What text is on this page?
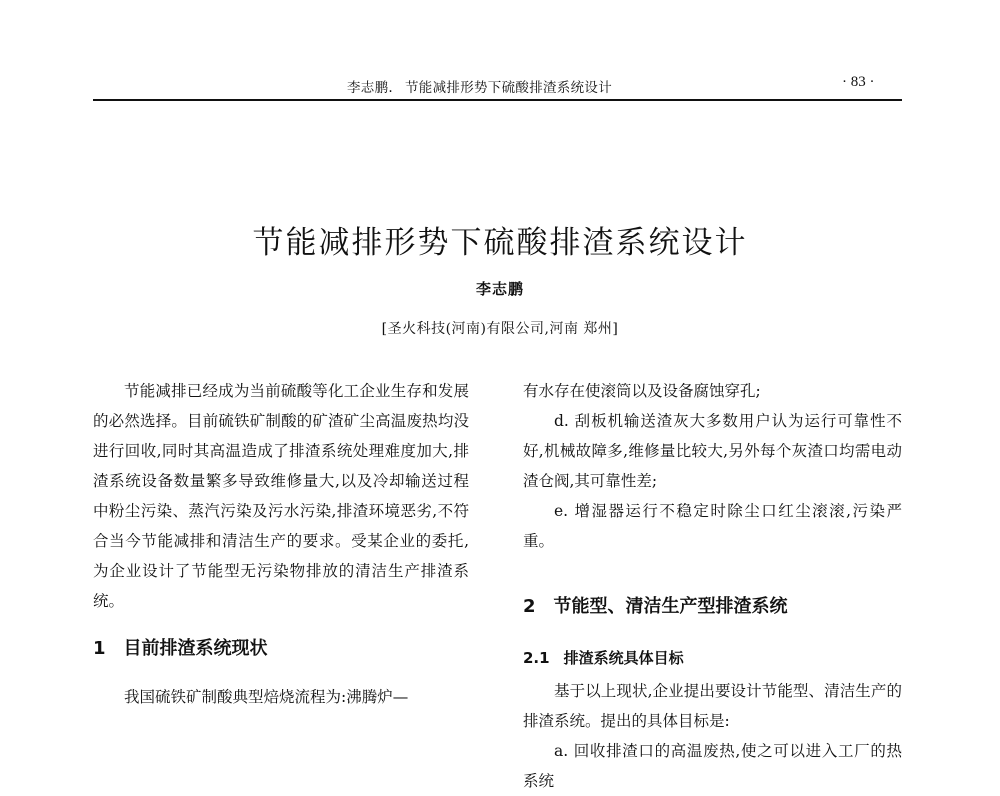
李志鹏. 节能减排形势下硫酸排渣系统设计	· 83 ·
节能减排形势下硫酸排渣系统设计
李志鹏
[圣火科技(河南)有限公司,河南 郑州]

节能减排已经成为当前硫酸等化工企业生存和发展的必然选择。目前硫铁矿制酸的矿渣矿尘高温废热均没进行回收,同时其高温造成了排渣系统处理难度加大,排渣系统设备数量繁多导致维修量大,以及冷却输送过程中粉尘污染、蒸汽污染及污水污染,排渣环境恶劣,不符合当今节能减排和清洁生产的要求。受某企业的委托,为企业设计了节能型无污染物排放的清洁生产排渣系统。

1 目前排渣系统现状

我国硫铁矿制酸典型焙烧流程为:沸腾炉—

有水存在使滚筒以及设备腐蚀穿孔;

d. 刮板机输送渣灰大多数用户认为运行可靠性不好,机械故障多,维修量比较大,另外每个灰渣口均需电动渣仓阀,其可靠性差;

e. 增湿器运行不稳定时除尘口红尘滚滚,污染严重。

2 节能型、清洁生产型排渣系统
2.1 排渣系统具体目标

基于以上现状,企业提出要设计节能型、清洁生产的排渣系统。提出的具体目标是:

a. 回收排渣口的高温废热,使之可以进入工厂的热系统
